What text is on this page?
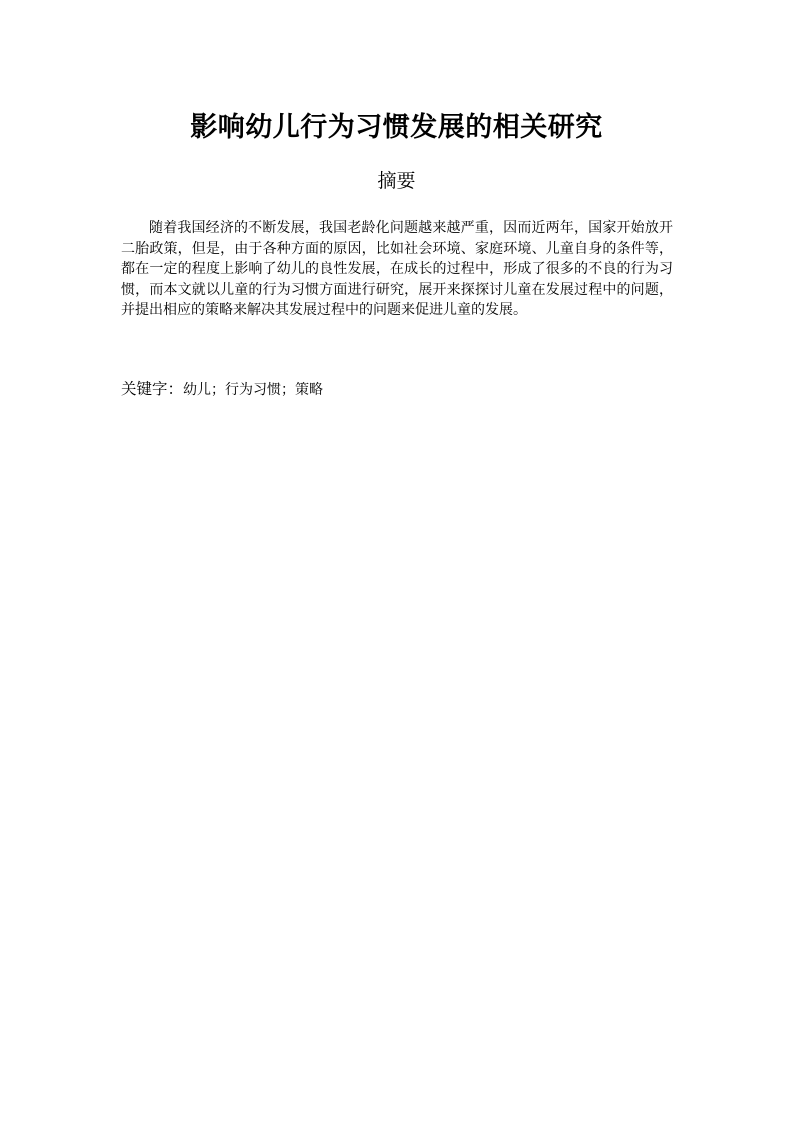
影响幼儿行为习惯发展的相关研究
摘要

随着我国经济的不断发展，我国老龄化问题越来越严重，因而近两年，国家开始放开二胎政策，但是，由于各种方面的原因，比如社会环境、家庭环境、儿童自身的条件等，都在一定的程度上影响了幼儿的良性发展，在成长的过程中，形成了很多的不良的行为习惯，而本文就以儿童的行为习惯方面进行研究，展开来探探讨儿童在发展过程中的问题，并提出相应的策略来解决其发展过程中的问题来促进儿童的发展。

关键字：幼儿；行为习惯；策略
